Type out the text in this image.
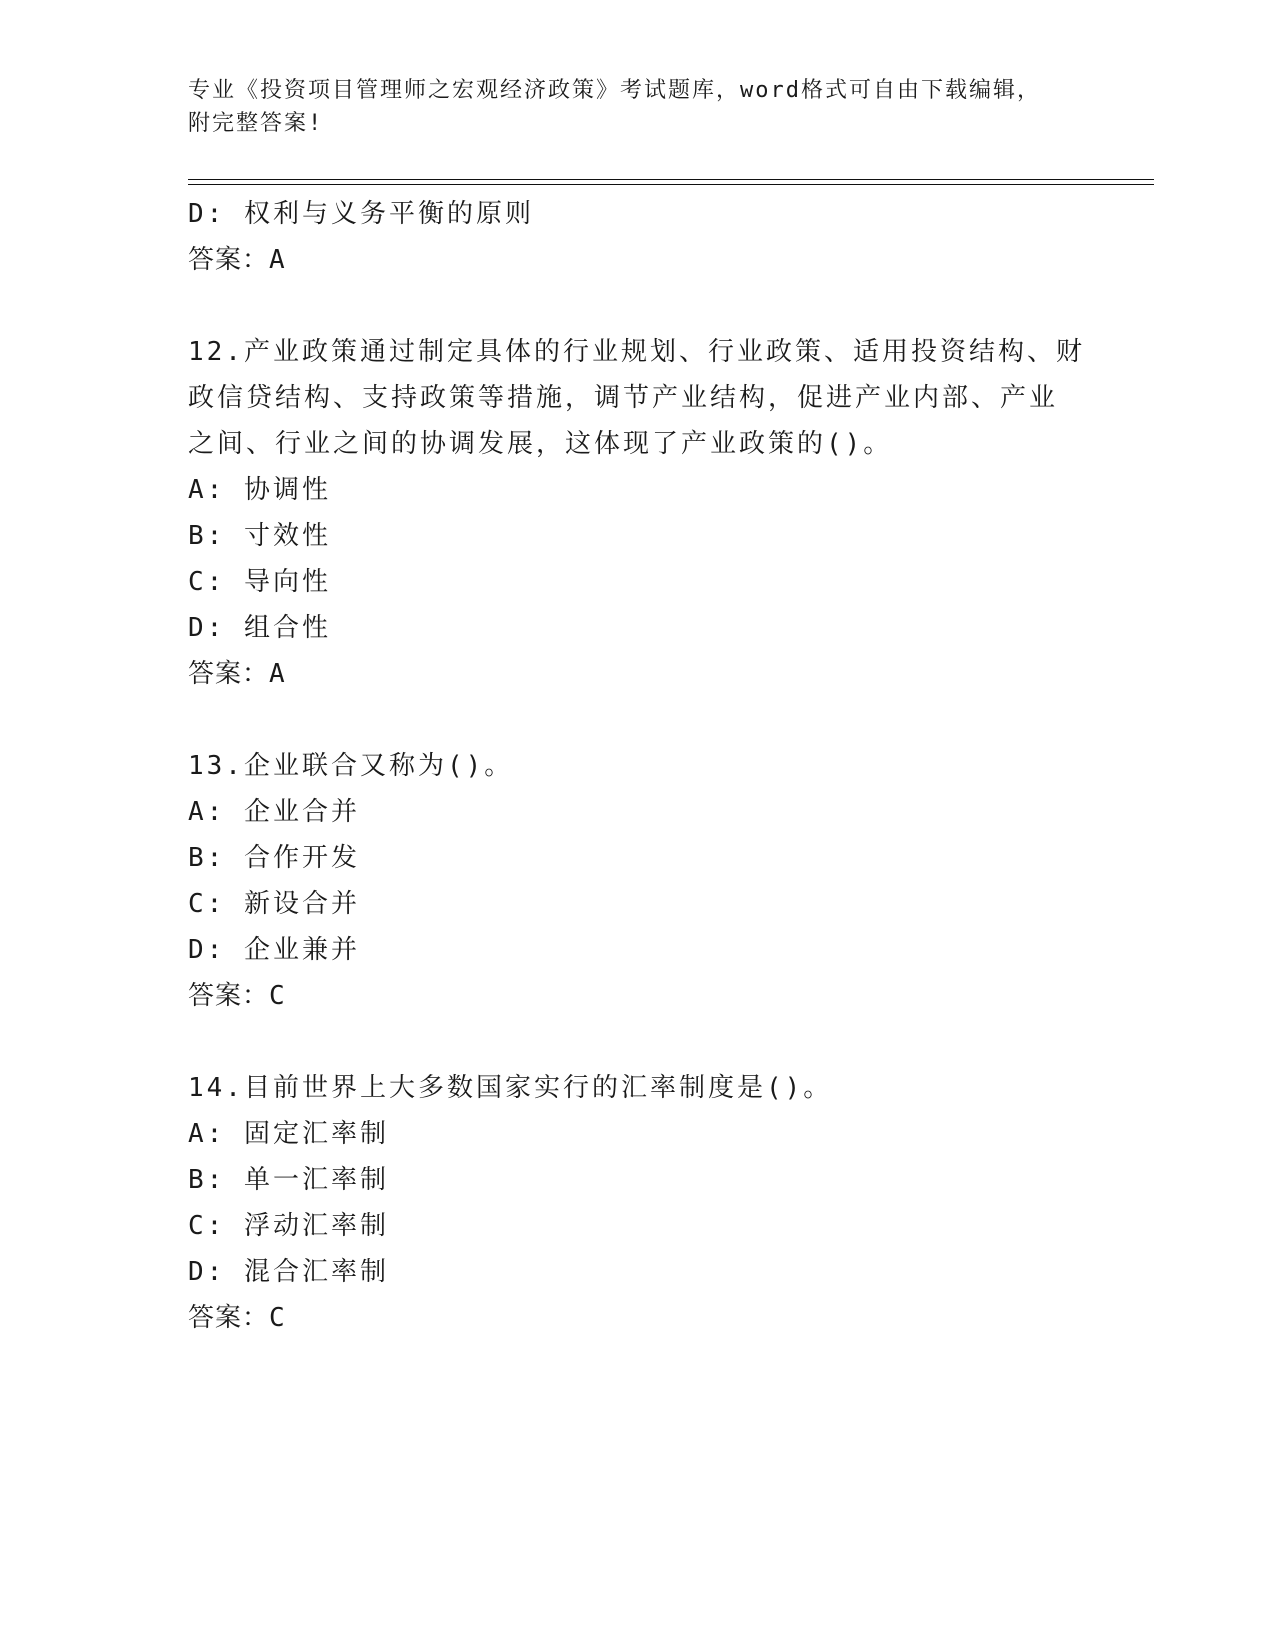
专业《投资项目管理师之宏观经济政策》考试题库，word格式可自由下载编辑，
附完整答案!
D: 权利与义务平衡的原则
答案：A
12.产业政策通过制定具体的行业规划、行业政策、适用投资结构、财
政信贷结构、支持政策等措施，调节产业结构，促进产业内部、产业
之间、行业之间的协调发展，这体现了产业政策的()。
A: 协调性
B: 寸效性
C: 导向性
D: 组合性
答案：A
13.企业联合又称为()。
A: 企业合并
B: 合作开发
C: 新设合并
D: 企业兼并
答案：C
14.目前世界上大多数国家实行的汇率制度是()。
A: 固定汇率制
B: 单一汇率制
C: 浮动汇率制
D: 混合汇率制
答案：C
